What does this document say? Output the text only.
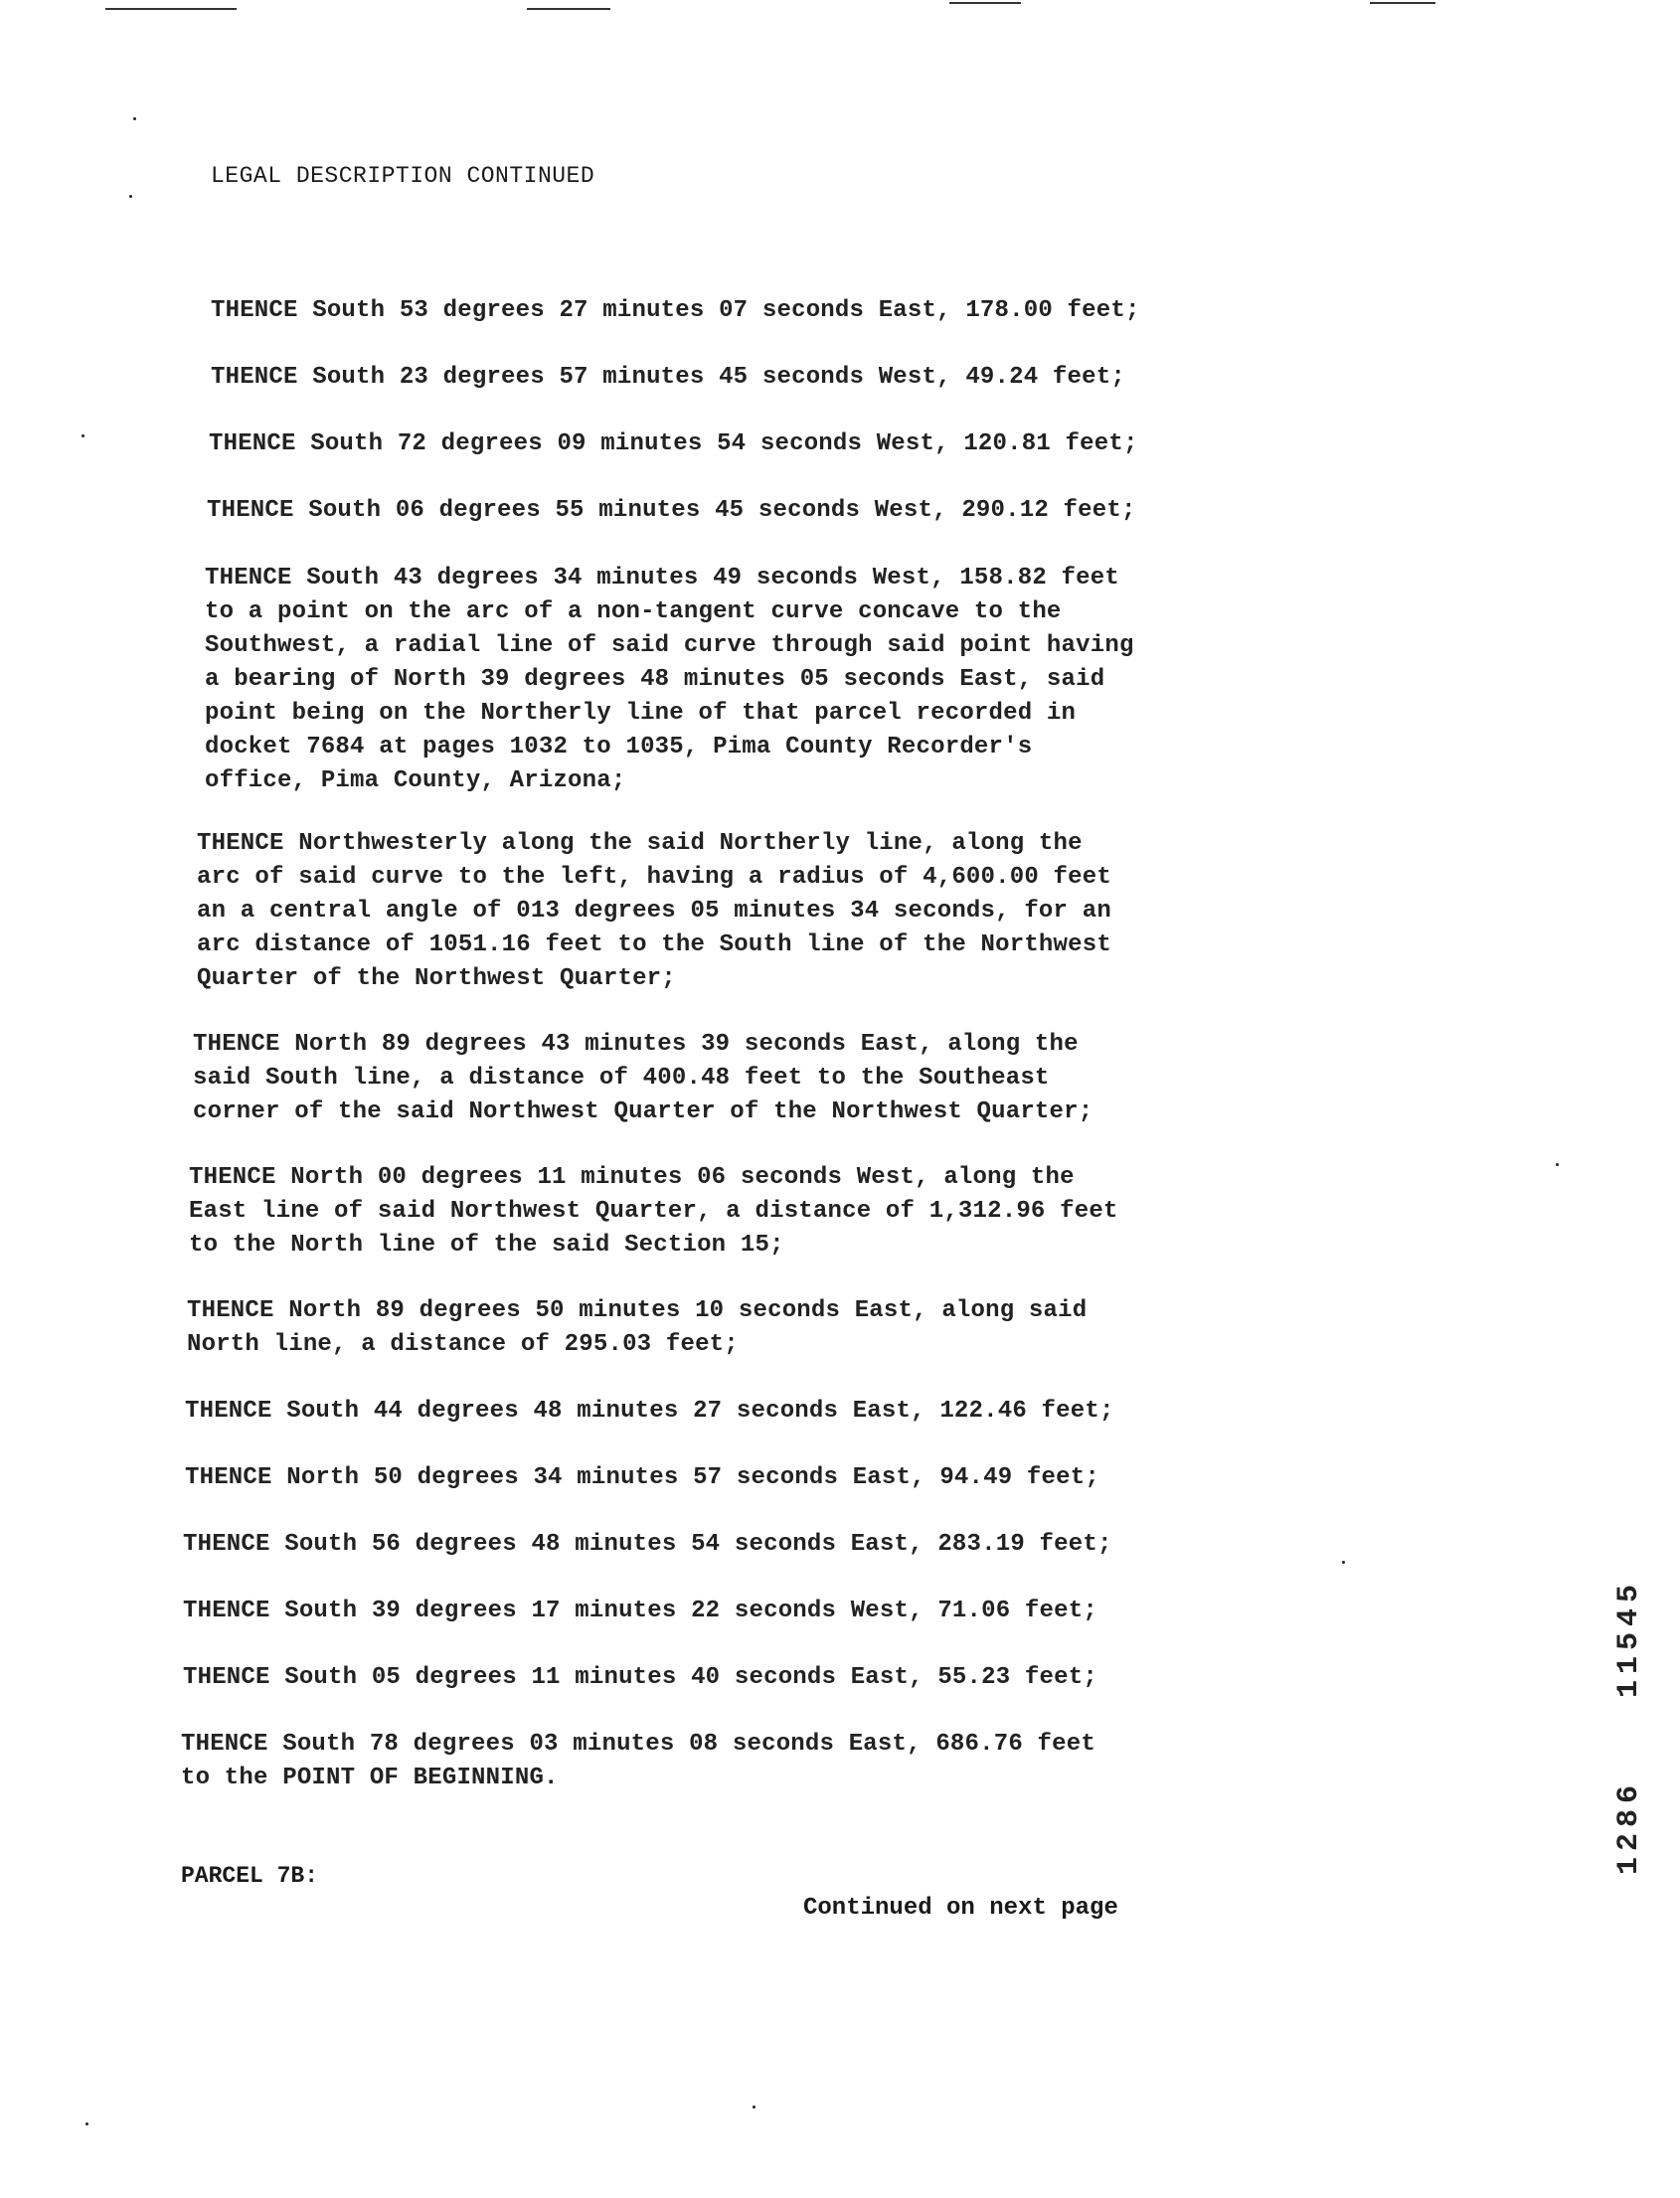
LEGAL DESCRIPTION CONTINUED
THENCE South 53 degrees 27 minutes 07 seconds East, 178.00 feet;
THENCE South 23 degrees 57 minutes 45 seconds West, 49.24 feet;
THENCE South 72 degrees 09 minutes 54 seconds West, 120.81 feet;
THENCE South 06 degrees 55 minutes 45 seconds West, 290.12 feet;
THENCE South 43 degrees 34 minutes 49 seconds West, 158.82 feet
to a point on the arc of a non-tangent curve concave to the
Southwest, a radial line of said curve through said point having
a bearing of North 39 degrees 48 minutes 05 seconds East, said
point being on the Northerly line of that parcel recorded in
docket 7684 at pages 1032 to 1035, Pima County Recorder's
office, Pima County, Arizona;
THENCE Northwesterly along the said Northerly line, along the
arc of said curve to the left, having a radius of 4,600.00 feet
an a central angle of 013 degrees 05 minutes 34 seconds, for an
arc distance of 1051.16 feet to the South line of the Northwest
Quarter of the Northwest Quarter;
THENCE North 89 degrees 43 minutes 39 seconds East, along the
said South line, a distance of 400.48 feet to the Southeast
corner of the said Northwest Quarter of the Northwest Quarter;
THENCE North 00 degrees 11 minutes 06 seconds West, along the
East line of said Northwest Quarter, a distance of 1,312.96 feet
to the North line of the said Section 15;
THENCE North 89 degrees 50 minutes 10 seconds East, along said
North line, a distance of 295.03 feet;
THENCE South 44 degrees 48 minutes 27 seconds East, 122.46 feet;
THENCE North 50 degrees 34 minutes 57 seconds East, 94.49 feet;
THENCE South 56 degrees 48 minutes 54 seconds East, 283.19 feet;
THENCE South 39 degrees 17 minutes 22 seconds West, 71.06 feet;
THENCE South 05 degrees 11 minutes 40 seconds East, 55.23 feet;
THENCE South 78 degrees 03 minutes 08 seconds East, 686.76 feet
to the POINT OF BEGINNING.
PARCEL 7B:
Continued on next page
11545
1286
